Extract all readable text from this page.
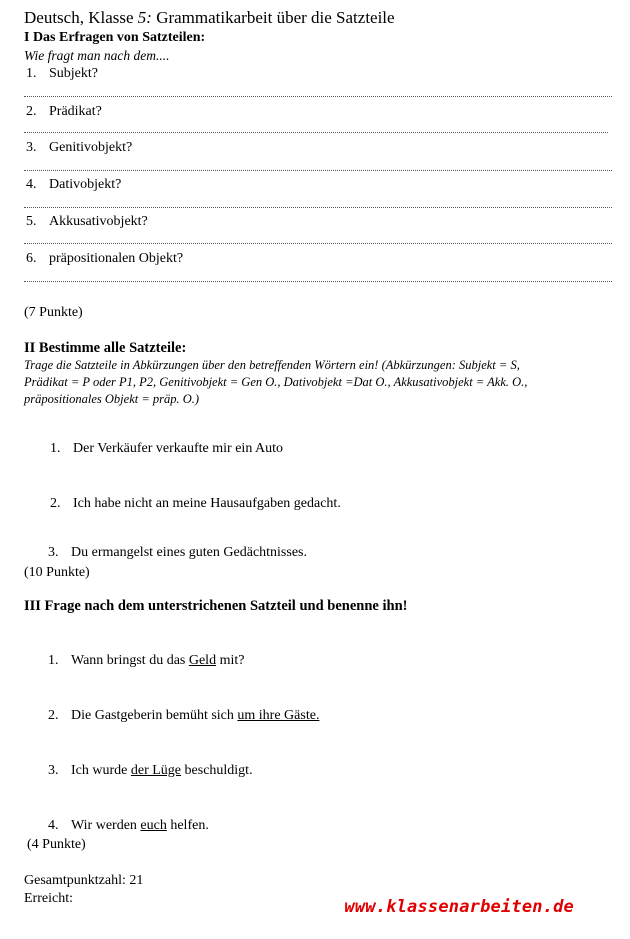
Deutsch, Klasse 5: Grammatikarbeit über die Satzteile
I Das Erfragen von Satzteilen:
Wie fragt man nach dem....
1. Subjekt?
2. Prädikat?
3. Genitivobjekt?
4. Dativobjekt?
5. Akkusativobjekt?
6. präpositionalen Objekt?
(7 Punkte)
II Bestimme alle Satzteile:
Trage die Satzteile in Abkürzungen über den betreffenden Wörtern ein! (Abkürzungen: Subjekt = S,
Prädikat = P oder P1, P2, Genitivobjekt = Gen O., Dativobjekt =Dat O., Akkusativobjekt = Akk. O.,
präpositionales Objekt = präp. O.)
1. Der Verkäufer verkaufte mir ein Auto
2. Ich habe nicht an meine Hausaufgaben gedacht.
3. Du ermangelst eines guten Gedächtnisses.
(10 Punkte)
III Frage nach dem unterstrichenen Satzteil und benenne ihn!
1. Wann bringst du das Geld mit?
2. Die Gastgeberin bemüht sich um ihre Gäste.
3. Ich wurde der Lüge beschuldigt.
4. Wir werden euch helfen.
(4 Punkte)
Gesamtpunktzahl: 21
Erreicht:	www.klassenarbeiten.de
